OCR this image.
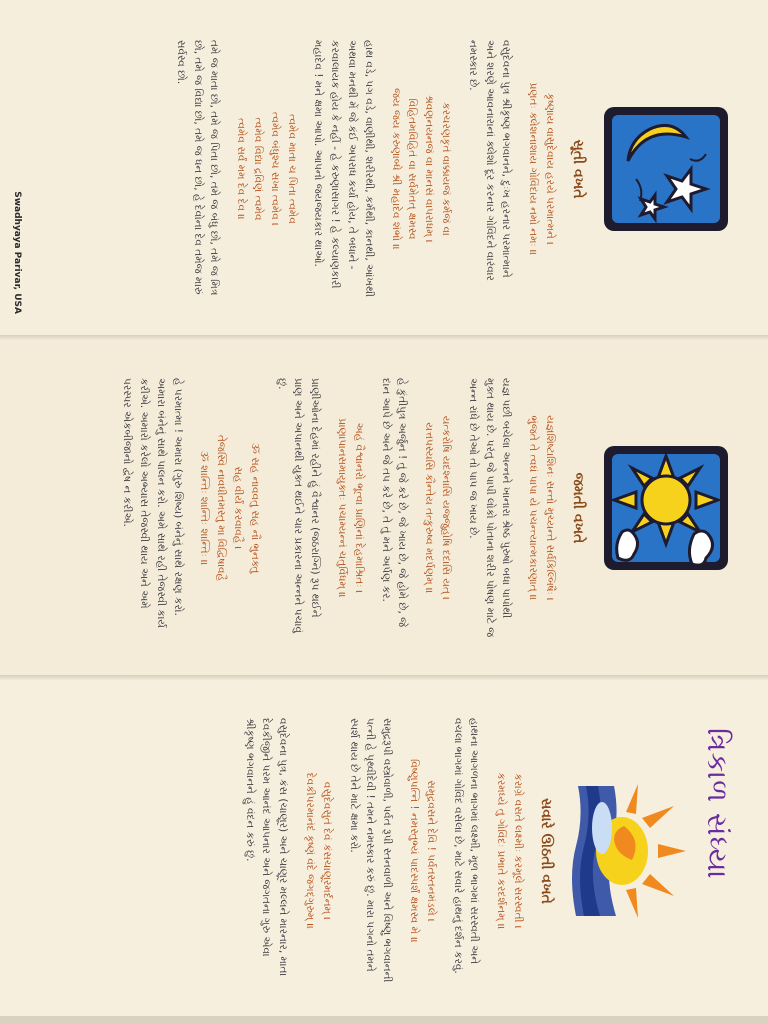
સૂતી વખતે
કૃષ્ણાય વાસુદેવાય હરયે પરમાત્મને ।
પ્રણતઃ ક્લેશનાશાય ગોવિંદાય નમો નમઃ ॥
વસુદેવના પુત્ર શ્રીકૃષ્ણ ભગવાનને, દુઃખ હરનાર પરમાત્માને અને શરણે આવનારાનાં ક્લેશો દૂર કરનાર ગોવિંદને વારંવાર નમસ્કાર છે.
કરચરણકૃતં વાક્કાયજં કર્મજં વા
શ્રવણનયનજં વા માનસં વાપરાધમ્ ।
વિહિતમવિહિતં વા સર્વમેતત્ ક્ષમસ્વ
જય જય કરુણાબ્ધે શ્રી મહાદેવ શંભો ॥
હાથ વડે, પગ વડે, વાણીથી, શરીરથી, કર્મથી, કાનથી, આંખથી અથવા મનથી મેં જે કંઈ અપરાધ કર્યા હોય, તે બધાને - કરવાલાયક હોય કે નહીં - હે કરુણાસાગર ! હે કલ્યાણકારી મહાદેવ ! મને ક્ષમા આપો. આપનો જયજયકાર થાઓ.
ત્વમેવ માતા ચ પિતા ત્વમેવ
ત્વમેવ બંધુશ્ચ સખા ત્વમેવ ।
ત્વમેવ વિદ્યા દ્રવિણં ત્વમેવ
ત્વમેવ સર્વં મમ દેવ દેવ ॥
તમે જ માતા છો, તમે જ પિતા છો, તમે જ બંધુ છો, તમે જ મિત્ર છો, તમે જ વિદ્યા છો, તમે જ ધન છો, હે દેવોના દેવ તમેજ મારું સર્વસ્વ છો.
Swadhyaya Parivar, USA
જમતી વખતે
યજ્ઞશિષ્ટાશિનઃ સન્તો મુચ્યન્તે સર્વકિલ્બિષૈઃ ।
ભુંજતે તે ત્વઘં પાપા યે પચન્ત્યાત્મકારણાત્ ॥
યજ્ઞ પછી બચેલા અન્નને ખાનારા શ્રેષ્ઠ પુરુષો બધા પાપોથી મુક્ત થાય છે. પરંતુ જે પાપી લોકો પોતાના શરીર પોષણ માટે જ અન્ન રાંધે છે તેઓ તો પાપ જ ખાય છે.
યત્કરોષિ યદશ્નાસિ યજ્જુહોષિ દદાસિ યત્ ।
યત્તપસ્યસિ કૌન્તેય તત્કુરુષ્વ મદર્પણમ્ ॥
હે કુંતીપુત્ર અર્જુન ! તું જે કરે છે, જે ખાય છે, જે હોમે છે, જે દાન આપે છે અને જે તપ કરે છે, તે તું મને અર્પણ કર.
અહં વૈશ્વાનરો ભૂત્વા પ્રાણિનાં દેહમાશ્રિતઃ ।
પ્રાણાપાનસમાયુક્તઃ પચામ્યન્નં ચતુર્વિધમ્ ॥
પ્રાણીઓના દેહમાં રહીને હું વૈશ્વાનર (જઠરાગ્નિ) રૂપ થઈને પ્રાણ અને અપાનથી યુક્ત થઈને ચાર પ્રકારના અન્નને પચાવું છું.
ૐ સહ નાવવતુ સહ નૌ ભુનક્તુ
સહ વીર્યં કરવાવહૈ ।
તેજસ્વિ નાવધીતમસ્તુ મા વિદ્વિષાવહૈ
ૐ શાન્તિઃ શાન્તિઃ શાન્તિઃ ॥
હે પરમાત્મા ! અમારા (ગુરુ શિષ્ય) બંનેનું સાથે રક્ષણ કરો. અમારા બંનેનું સાથે પાલન કરો. અમે સાથે રહી તેજસ્વી કાર્ય કરીએ. અમારો કરેલો અભ્યાસ તેજસ્વી થાય અને અમે પરસ્પર એકબીજાનો દ્વેષ ન કરીએ.
ત્રિકાળ સંધ્યા
સવારે ઊઠતી વખતે
કરાગ્રે વસતે લક્ષ્મીઃ કરમૂલે સરસ્વતી ।
કરમધ્યે તુ ગોવિંદઃ પ્રભાતે કરદર્શનમ્ ॥
હાથના આગળના ભાગમાં લક્ષ્મી, મૂળ ભાગમાં સરસ્વતી અને વચલા ભાગમાં ગોવિંદ વસેલા છે, માટે સવારે હાથનું દર્શન કરવું.
સમુદ્રવસને દેવિ ! પર્વતસ્તનમંડલે ।
વિષ્ણુપત્નિ ! નમસ્તુભ્યં પાદસ્પર્શં ક્ષમસ્વ મે ॥
સમુદ્રરૂપી વસ્ત્રોવાળી, પર્વત રૂપી સ્તનવાળી અને વિષ્ણુ ભગવાનની પત્ની હે પૃથ્વીદેવી ! તમને નમસ્કાર કરું છું. મારા પગનો તમને સ્પર્શ થાય છે તેને માટે ક્ષમા કરો.
વસુદેવસુતં દેવં કંસચાણૂરમર્દનમ્ ।
દેવકીપરમાનંદં કૃષ્ણં વંદે જગદ્ગુરુમ્ ॥
વસુદેવના પુત્ર, કંસ (ચાણૂર) અને ચાણૂર મલ્લને મારનાર, માતા દેવકીજીને પરમ આનંદ આપનાર અને જગતના ગુરુ એવા શ્રીકૃષ્ણ ભગવાનને હું વંદન કરું છું.
